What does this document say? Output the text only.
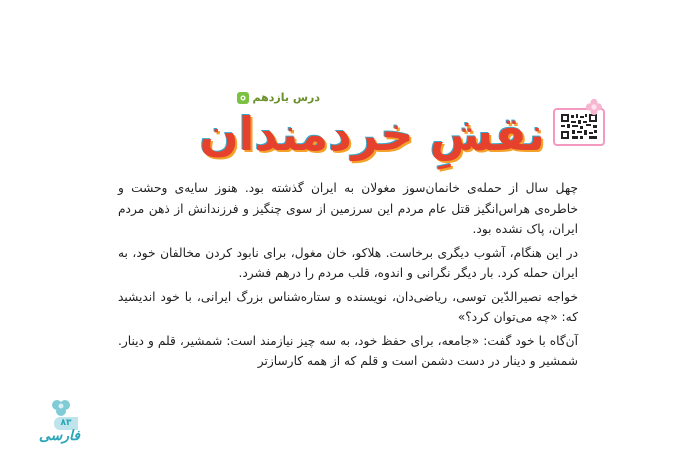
درس یازدهم
نقشِ خردمندان

چهل سال از حمله‌ی خانمان‌سوز مغولان به ایران گذشته بود. هنوز سایه‌ی وحشت و خاطره‌ی هراس‌انگیز قتل عام مردم این سرزمین از سوی چنگیز و فرزندانش از ذهن مردم ایران، پاک نشده بود.

در این هنگام، آشوب دیگری برخاست. هلاکو، خان مغول، برای نابود کردن مخالفان خود، به ایران حمله کرد. بار دیگر نگرانی و اندوه، قلب مردم را درهم فشرد.

خواجه نصیرالدّین توسی، ریاضی‌دان، نویسنده و ستاره‌شناس بزرگ ایرانی، با خود اندیشید که: «چه می‌توان کرد؟»

آن‌گاه با خود گفت: «جامعه، برای حفظ خود، به سه چیز نیازمند است: شمشیر، قلم و دینار. شمشیر و دینار در دست دشمن است و قلم که از همه کارسازتر

۸۳
فارسی
